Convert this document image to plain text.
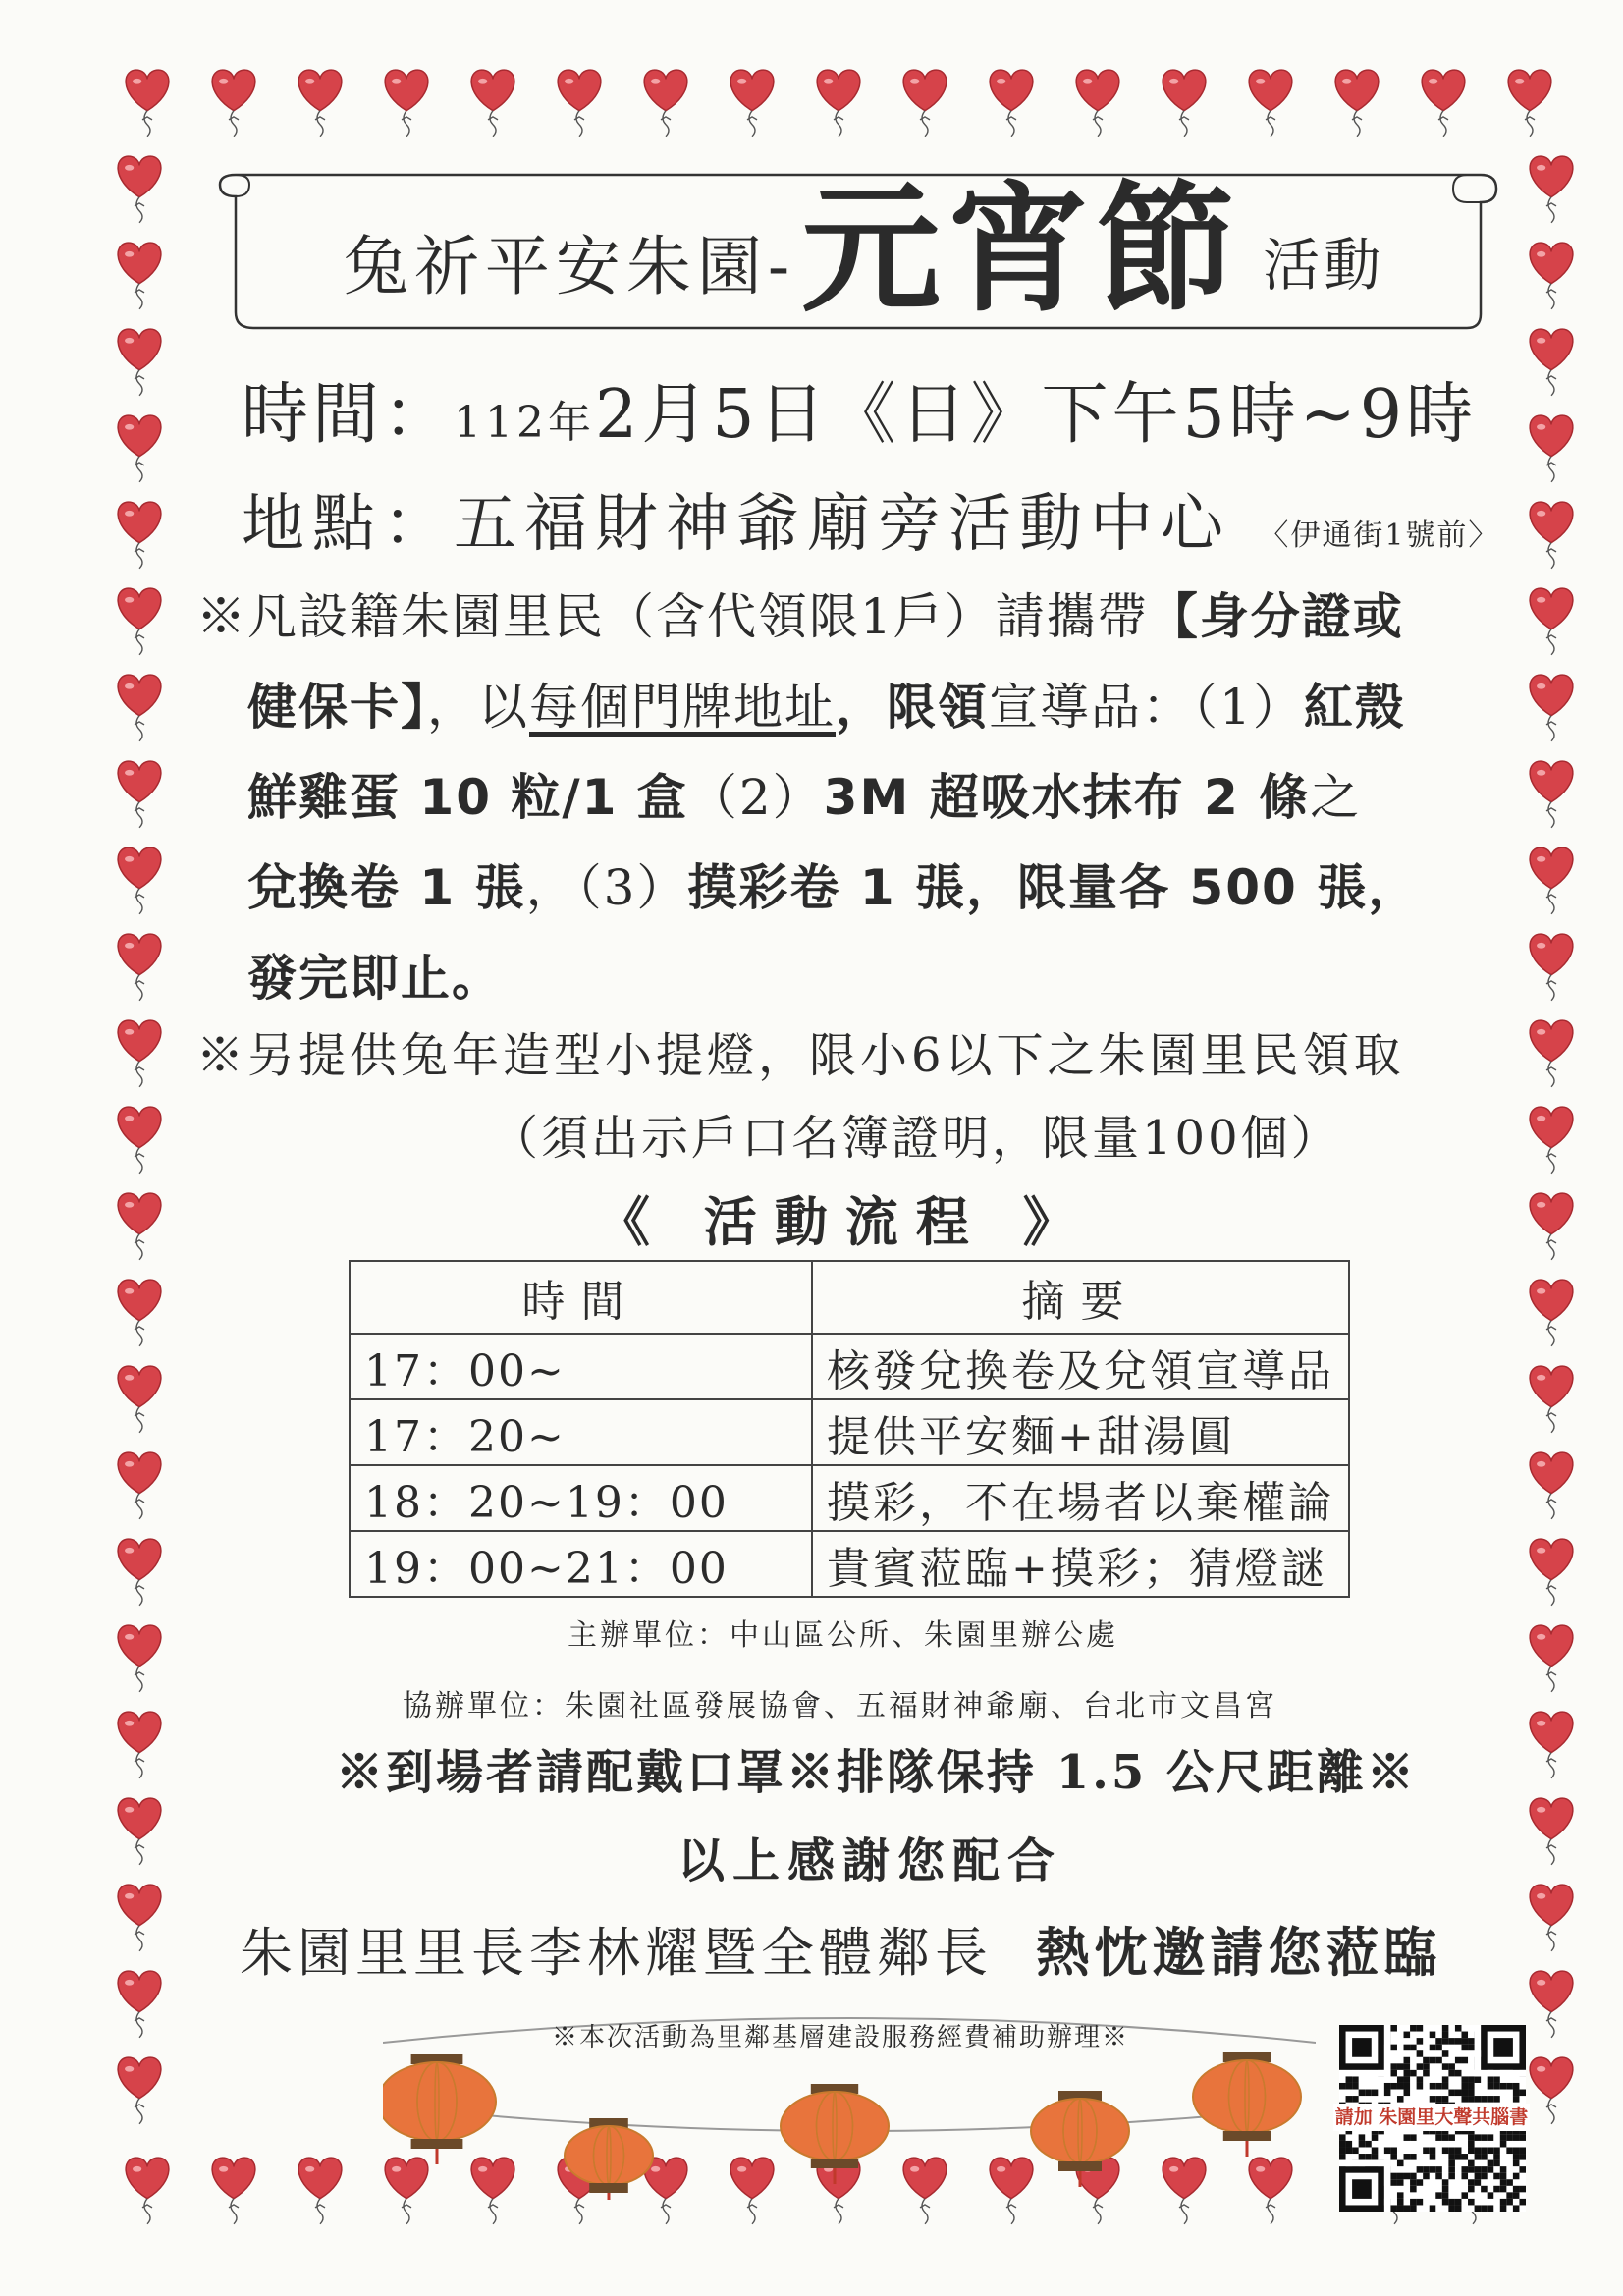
兔祈平安朱園- 元宵節 活動
時間：112年2月5日《日》下午5時~9時
地點：五福財神爺廟旁活動中心 〈伊通街1號前〉
※凡設籍朱園里民（含代領限1戶）請攜帶【身分證或
健保卡】，以每個門牌地址，限領宣導品：（1）紅殼
鮮雞蛋 10 粒/1 盒（2）3M 超吸水抹布 2 條之
兌換卷 1 張，（3）摸彩卷 1 張，限量各 500 張，
發完即止。
※另提供兔年造型小提燈，限小6以下之朱園里民領取
（須出示戶口名簿證明，限量100個）
《 活動流程 》
時間	摘要
17：00~	核發兌換卷及兌領宣導品
17：20~	提供平安麵+甜湯圓
18：20~19：00	摸彩，不在場者以棄權論
19：00~21：00	貴賓蒞臨+摸彩；猜燈謎
主辦單位：中山區公所、朱園里辦公處
協辦單位：朱園社區發展協會、五福財神爺廟、台北市文昌宮
※到場者請配戴口罩※排隊保持 1.5 公尺距離※
以上感謝您配合
朱園里里長李林耀暨全體鄰長 熱忱邀請您蒞臨
※本次活動為里鄰基層建設服務經費補助辦理※
請加 朱園里大聲共腦書
